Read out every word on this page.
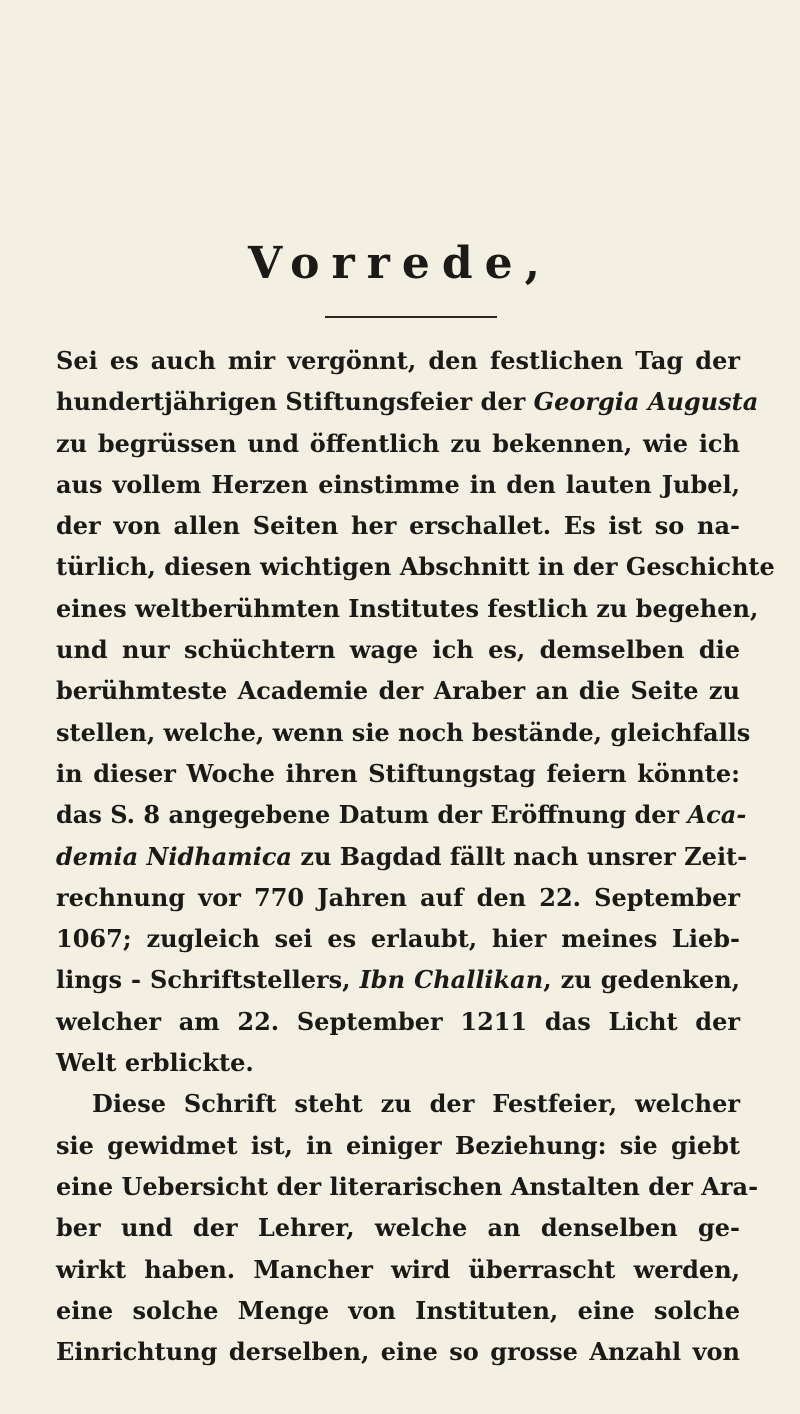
Vorrede,
Sei es auch mir vergönnt, den festlichen Tag der
hundertjährigen Stiftungsfeier der Georgia Augusta
zu begrüssen und öffentlich zu bekennen, wie ich
aus vollem Herzen einstimme in den lauten Jubel,
der von allen Seiten her erschallet. Es ist so na-
türlich, diesen wichtigen Abschnitt in der Geschichte
eines weltberühmten Institutes festlich zu begehen,
und nur schüchtern wage ich es, demselben die
berühmteste Academie der Araber an die Seite zu
stellen, welche, wenn sie noch bestände, gleichfalls
in dieser Woche ihren Stiftungstag feiern könnte:
das S. 8 angegebene Datum der Eröffnung der Aca-
demia Nidhamica zu Bagdad fällt nach unsrer Zeit-
rechnung vor 770 Jahren auf den 22. September
1067; zugleich sei es erlaubt, hier meines Lieb-
lings - Schriftstellers, Ibn Challikan, zu gedenken,
welcher am 22. September 1211 das Licht der
Welt erblickte.
Diese Schrift steht zu der Festfeier, welcher
sie gewidmet ist, in einiger Beziehung: sie giebt
eine Uebersicht der literarischen Anstalten der Ara-
ber und der Lehrer, welche an denselben ge-
wirkt haben. Mancher wird überrascht werden,
eine solche Menge von Instituten, eine solche
Einrichtung derselben, eine so grosse Anzahl von
